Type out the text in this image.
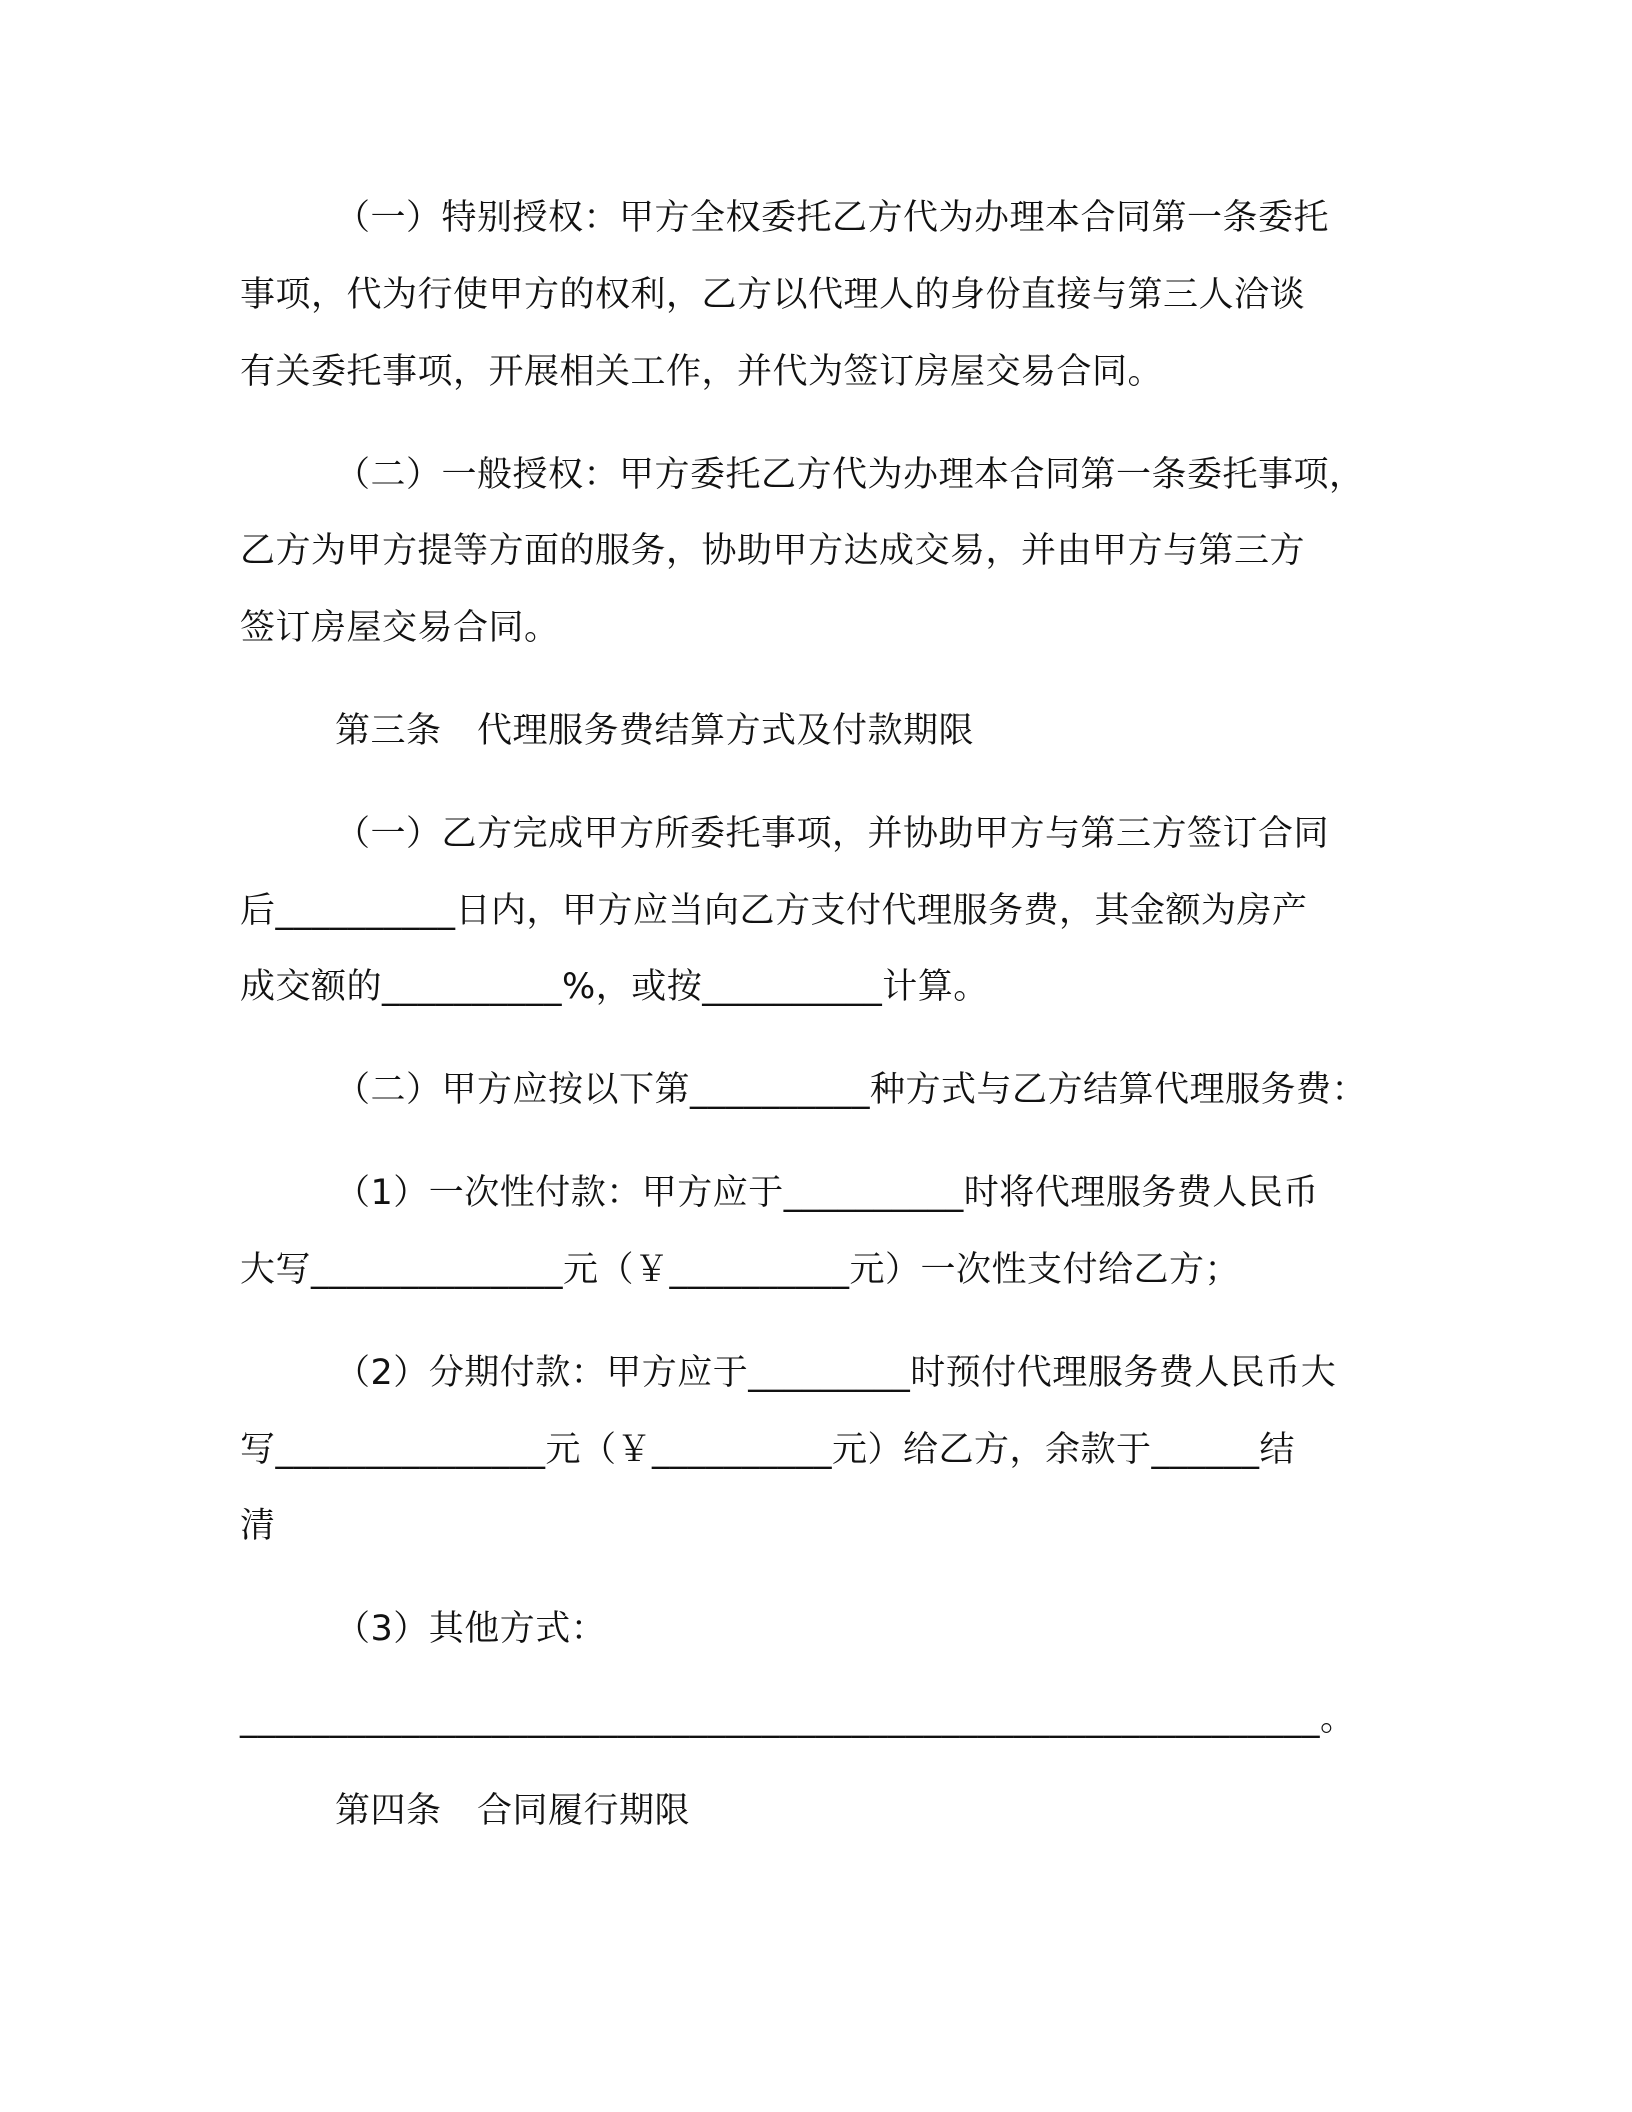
（一）特别授权：甲方全权委托乙方代为办理本合同第一条委托
事项，代为行使甲方的权利，乙方以代理人的身份直接与第三人洽谈
有关委托事项，开展相关工作，并代为签订房屋交易合同。
（二）一般授权：甲方委托乙方代为办理本合同第一条委托事项，
乙方为甲方提等方面的服务，协助甲方达成交易，并由甲方与第三方
签订房屋交易合同。
第三条　代理服务费结算方式及付款期限
（一）乙方完成甲方所委托事项，并协助甲方与第三方签订合同
后__________日内，甲方应当向乙方支付代理服务费，其金额为房产
成交额的__________%，或按__________计算。
（二）甲方应按以下第__________种方式与乙方结算代理服务费：
（1）一次性付款：甲方应于__________时将代理服务费人民币
大写______________元（￥__________元）一次性支付给乙方；
（2）分期付款：甲方应于_________时预付代理服务费人民币大
写_______________元（￥__________元）给乙方，余款于______结
清
（3）其他方式：
____________________________________________________________。
第四条　合同履行期限
